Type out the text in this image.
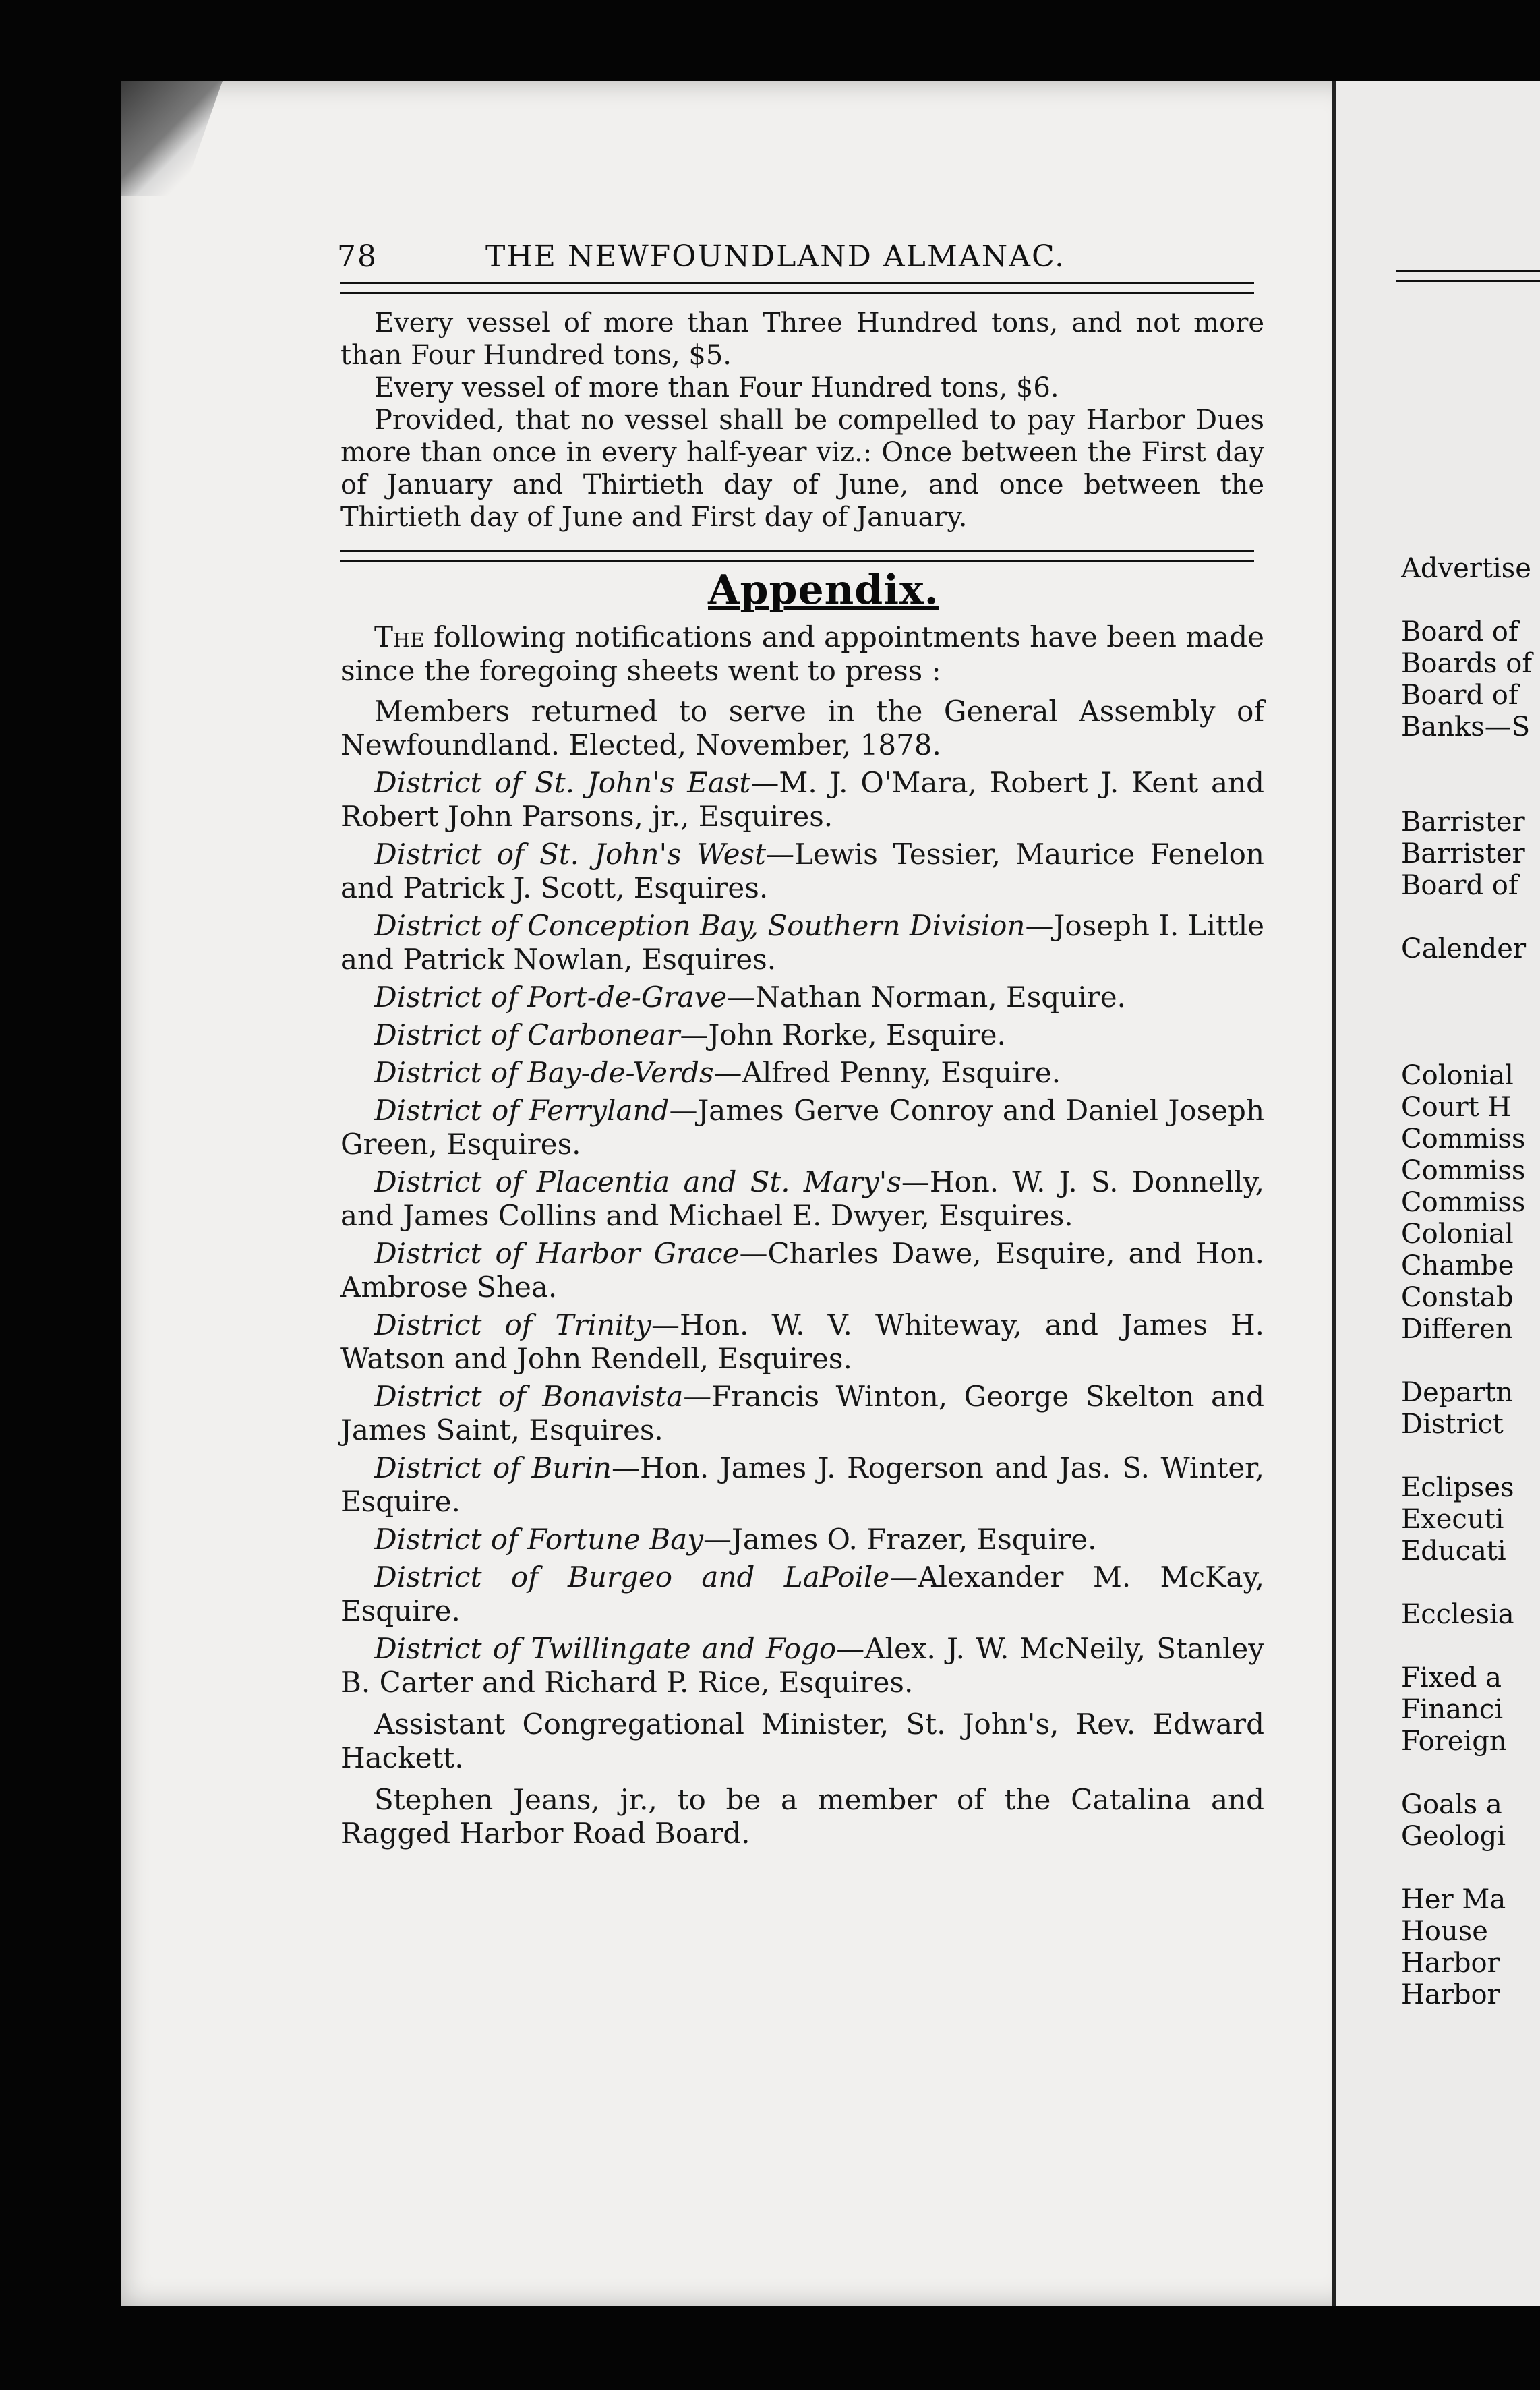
78	THE NEWFOUNDLAND ALMANAC.

Every vessel of more than Three Hundred tons, and not more than Four Hundred tons, $5.

Every vessel of more than Four Hundred tons, $6.

Provided, that no vessel shall be compelled to pay Harbor Dues more than once in every half-year viz.: Once between the First day of January and Thirtieth day of June, and once between the Thirtieth day of June and First day of January.

Appendix.

The following notifications and appointments have been made since the foregoing sheets went to press :

Members returned to serve in the General Assembly of Newfoundland. Elected, November, 1878.

District of St. John's East—M. J. O'Mara, Robert J. Kent and Robert John Parsons, jr., Esquires.

District of St. John's West—Lewis Tessier, Maurice Fenelon and Patrick J. Scott, Esquires.

District of Conception Bay, Southern Division—Joseph I. Little and Patrick Nowlan, Esquires.

District of Port-de-Grave—Nathan Norman, Esquire.

District of Carbonear—John Rorke, Esquire.

District of Bay-de-Verds—Alfred Penny, Esquire.

District of Ferryland—James Gerve Conroy and Daniel Joseph Green, Esquires.

District of Placentia and St. Mary's—Hon. W. J. S. Donnelly, and James Collins and Michael E. Dwyer, Esquires.

District of Harbor Grace—Charles Dawe, Esquire, and Hon. Ambrose Shea.

District of Trinity—Hon. W. V. Whiteway, and James H. Watson and John Rendell, Esquires.

District of Bonavista—Francis Winton, George Skelton and James Saint, Esquires.

District of Burin—Hon. James J. Rogerson and Jas. S. Winter, Esquire.

District of Fortune Bay—James O. Frazer, Esquire.

District of Burgeo and LaPoile—Alexander M. McKay, Esquire.

District of Twillingate and Fogo—Alex. J. W. McNeily, Stanley B. Carter and Richard P. Rice, Esquires.

Assistant Congregational Minister, St. John's, Rev. Edward Hackett.

Stephen Jeans, jr., to be a member of the Catalina and Ragged Harbor Road Board.

Advertise
Board of
Boards of
Board of
Banks—S
Barrister
Barrister
Board of
Calender
Colonial
Court H
Commiss
Commiss
Commiss
Colonial
Chambe
Constab
Differen
Departn
District
Eclipses
Executi
Educati
Ecclesia
Fixed a
Financi
Foreign
Goals a
Geologi
Her Ma
House
Harbor
Harbor
